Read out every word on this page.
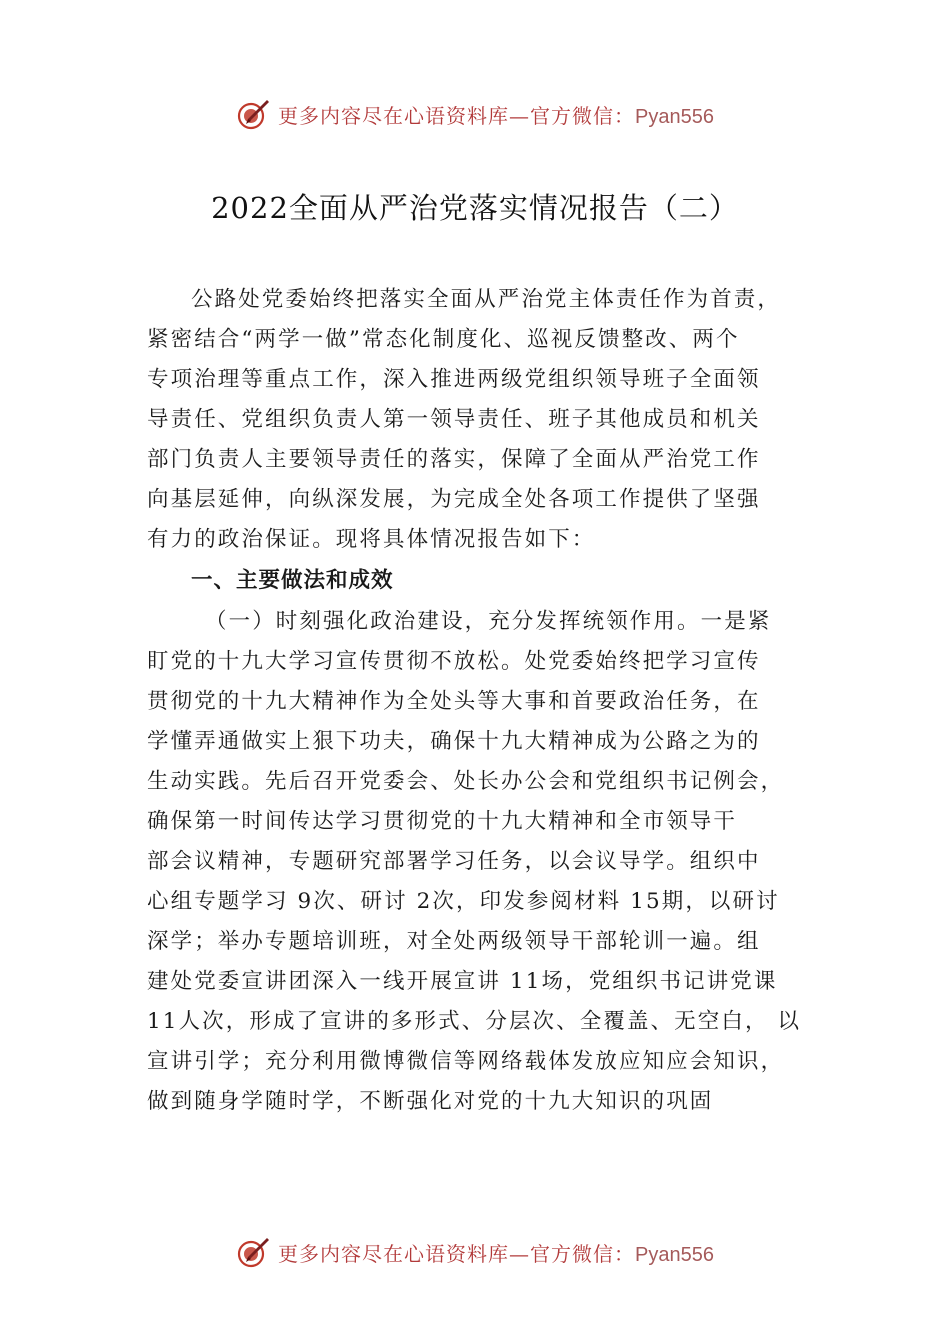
更多内容尽在心语资料库—官方微信：Pyan556
2022全面从严治党落实情况报告（二）
公路处党委始终把落实全面从严治党主体责任作为首责，
紧密结合“两学一做”常态化制度化、巡视反馈整改、两个
专项治理等重点工作，深入推进两级党组织领导班子全面领
导责任、党组织负责人第一领导责任、班子其他成员和机关
部门负责人主要领导责任的落实，保障了全面从严治党工作
向基层延伸，向纵深发展，为完成全处各项工作提供了坚强
有力的政治保证。现将具体情况报告如下：
一、主要做法和成效
（一）时刻强化政治建设，充分发挥统领作用。一是紧
盯党的十九大学习宣传贯彻不放松。处党委始终把学习宣传
贯彻党的十九大精神作为全处头等大事和首要政治任务，在
学懂弄通做实上狠下功夫，确保十九大精神成为公路之为的
生动实践。先后召开党委会、处长办公会和党组织书记例会，
确保第一时间传达学习贯彻党的十九大精神和全市领导干
部会议精神，专题研究部署学习任务，以会议导学。组织中
心组专题学习 9次、研讨 2次，印发参阅材料 15期，以研讨
深学；举办专题培训班，对全处两级领导干部轮训一遍。组
建处党委宣讲团深入一线开展宣讲 11场，党组织书记讲党课
11人次，形成了宣讲的多形式、分层次、全覆盖、无空白， 以
宣讲引学；充分利用微博微信等网络载体发放应知应会知识，
做到随身学随时学，不断强化对党的十九大知识的巩固
更多内容尽在心语资料库—官方微信：Pyan556
